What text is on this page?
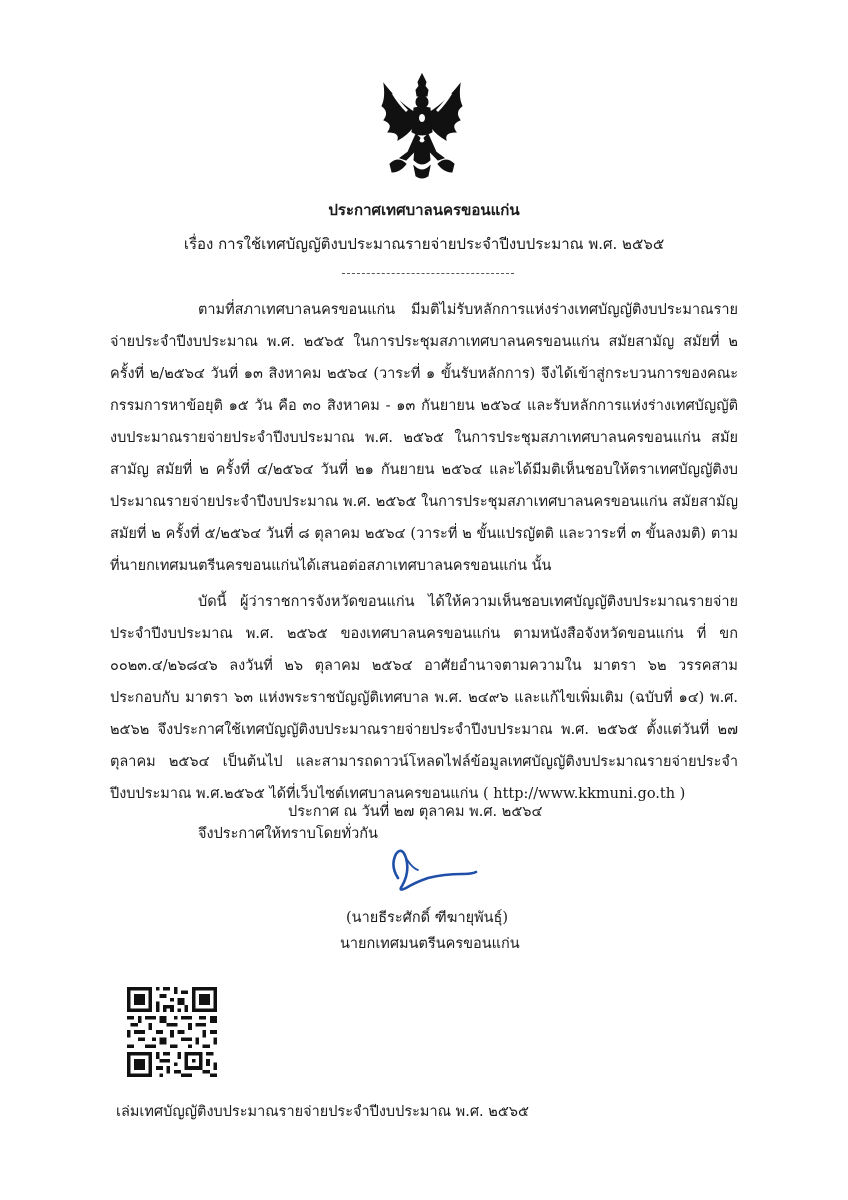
ประกาศเทศบาลนครขอนแก่น
เรื่อง การใช้เทศบัญญัติงบประมาณรายจ่ายประจำปีงบประมาณ พ.ศ. ๒๕๖๕

ตามที่สภาเทศบาลนครขอนแก่น มีมติไม่รับหลักการแห่งร่างเทศบัญญัติงบประมาณรายจ่ายประจำปีงบประมาณ พ.ศ. ๒๕๖๕ ในการประชุมสภาเทศบาลนครขอนแก่น สมัยสามัญ สมัยที่ ๒ ครั้งที่ ๒/๒๕๖๔ วันที่ ๑๓ สิงหาคม ๒๕๖๔ (วาระที่ ๑ ขั้นรับหลักการ) จึงได้เข้าสู่กระบวนการของคณะกรรมการหาข้อยุติ ๑๕ วัน คือ ๓๐ สิงหาคม - ๑๓ กันยายน ๒๕๖๔ และรับหลักการแห่งร่างเทศบัญญัติงบประมาณรายจ่ายประจำปีงบประมาณ พ.ศ. ๒๕๖๕ ในการประชุมสภาเทศบาลนครขอนแก่น สมัยสามัญ สมัยที่ ๒ ครั้งที่ ๔/๒๕๖๔ วันที่ ๒๑ กันยายน ๒๕๖๔ และได้มีมติเห็นชอบให้ตราเทศบัญญัติงบประมาณรายจ่ายประจำปีงบประมาณ พ.ศ. ๒๕๖๕ ในการประชุมสภาเทศบาลนครขอนแก่น สมัยสามัญ สมัยที่ ๒ ครั้งที่ ๕/๒๕๖๔ วันที่ ๘ ตุลาคม ๒๕๖๔ (วาระที่ ๒ ขั้นแปรญัตติ และวาระที่ ๓ ขั้นลงมติ) ตามที่นายกเทศมนตรีนครขอนแก่นได้เสนอต่อสภาเทศบาลนครขอนแก่น นั้น

บัดนี้ ผู้ว่าราชการจังหวัดขอนแก่น ได้ให้ความเห็นชอบเทศบัญญัติงบประมาณรายจ่ายประจำปีงบประมาณ พ.ศ. ๒๕๖๕ ของเทศบาลนครขอนแก่น ตามหนังสือจังหวัดขอนแก่น ที่ ขก ๐๐๒๓.๔/๒๖๘๔๖ ลงวันที่ ๒๖ ตุลาคม ๒๕๖๔ อาศัยอำนาจตามความใน มาตรา ๖๒ วรรคสาม ประกอบกับ มาตรา ๖๓ แห่งพระราชบัญญัติเทศบาล พ.ศ. ๒๔๙๖ และแก้ไขเพิ่มเติม (ฉบับที่ ๑๔) พ.ศ. ๒๕๖๒ จึงประกาศใช้เทศบัญญัติงบประมาณรายจ่ายประจำปีงบประมาณ พ.ศ. ๒๕๖๕ ตั้งแต่วันที่ ๒๗ ตุลาคม ๒๕๖๔ เป็นต้นไป และสามารถดาวน์โหลดไฟล์ข้อมูลเทศบัญญัติงบประมาณรายจ่ายประจำปีงบประมาณ พ.ศ.๒๕๖๕ ได้ที่เว็บไซต์เทศบาลนครขอนแก่น ( http://www.kkmuni.go.th )

จึงประกาศให้ทราบโดยทั่วกัน

ประกาศ ณ วันที่ ๒๗ ตุลาคม พ.ศ. ๒๕๖๔
(นายธีระศักดิ์ ฑีฆายุพันธุ์)
นายกเทศมนตรีนครขอนแก่น
เล่มเทศบัญญัติงบประมาณรายจ่ายประจำปีงบประมาณ พ.ศ. ๒๕๖๕
